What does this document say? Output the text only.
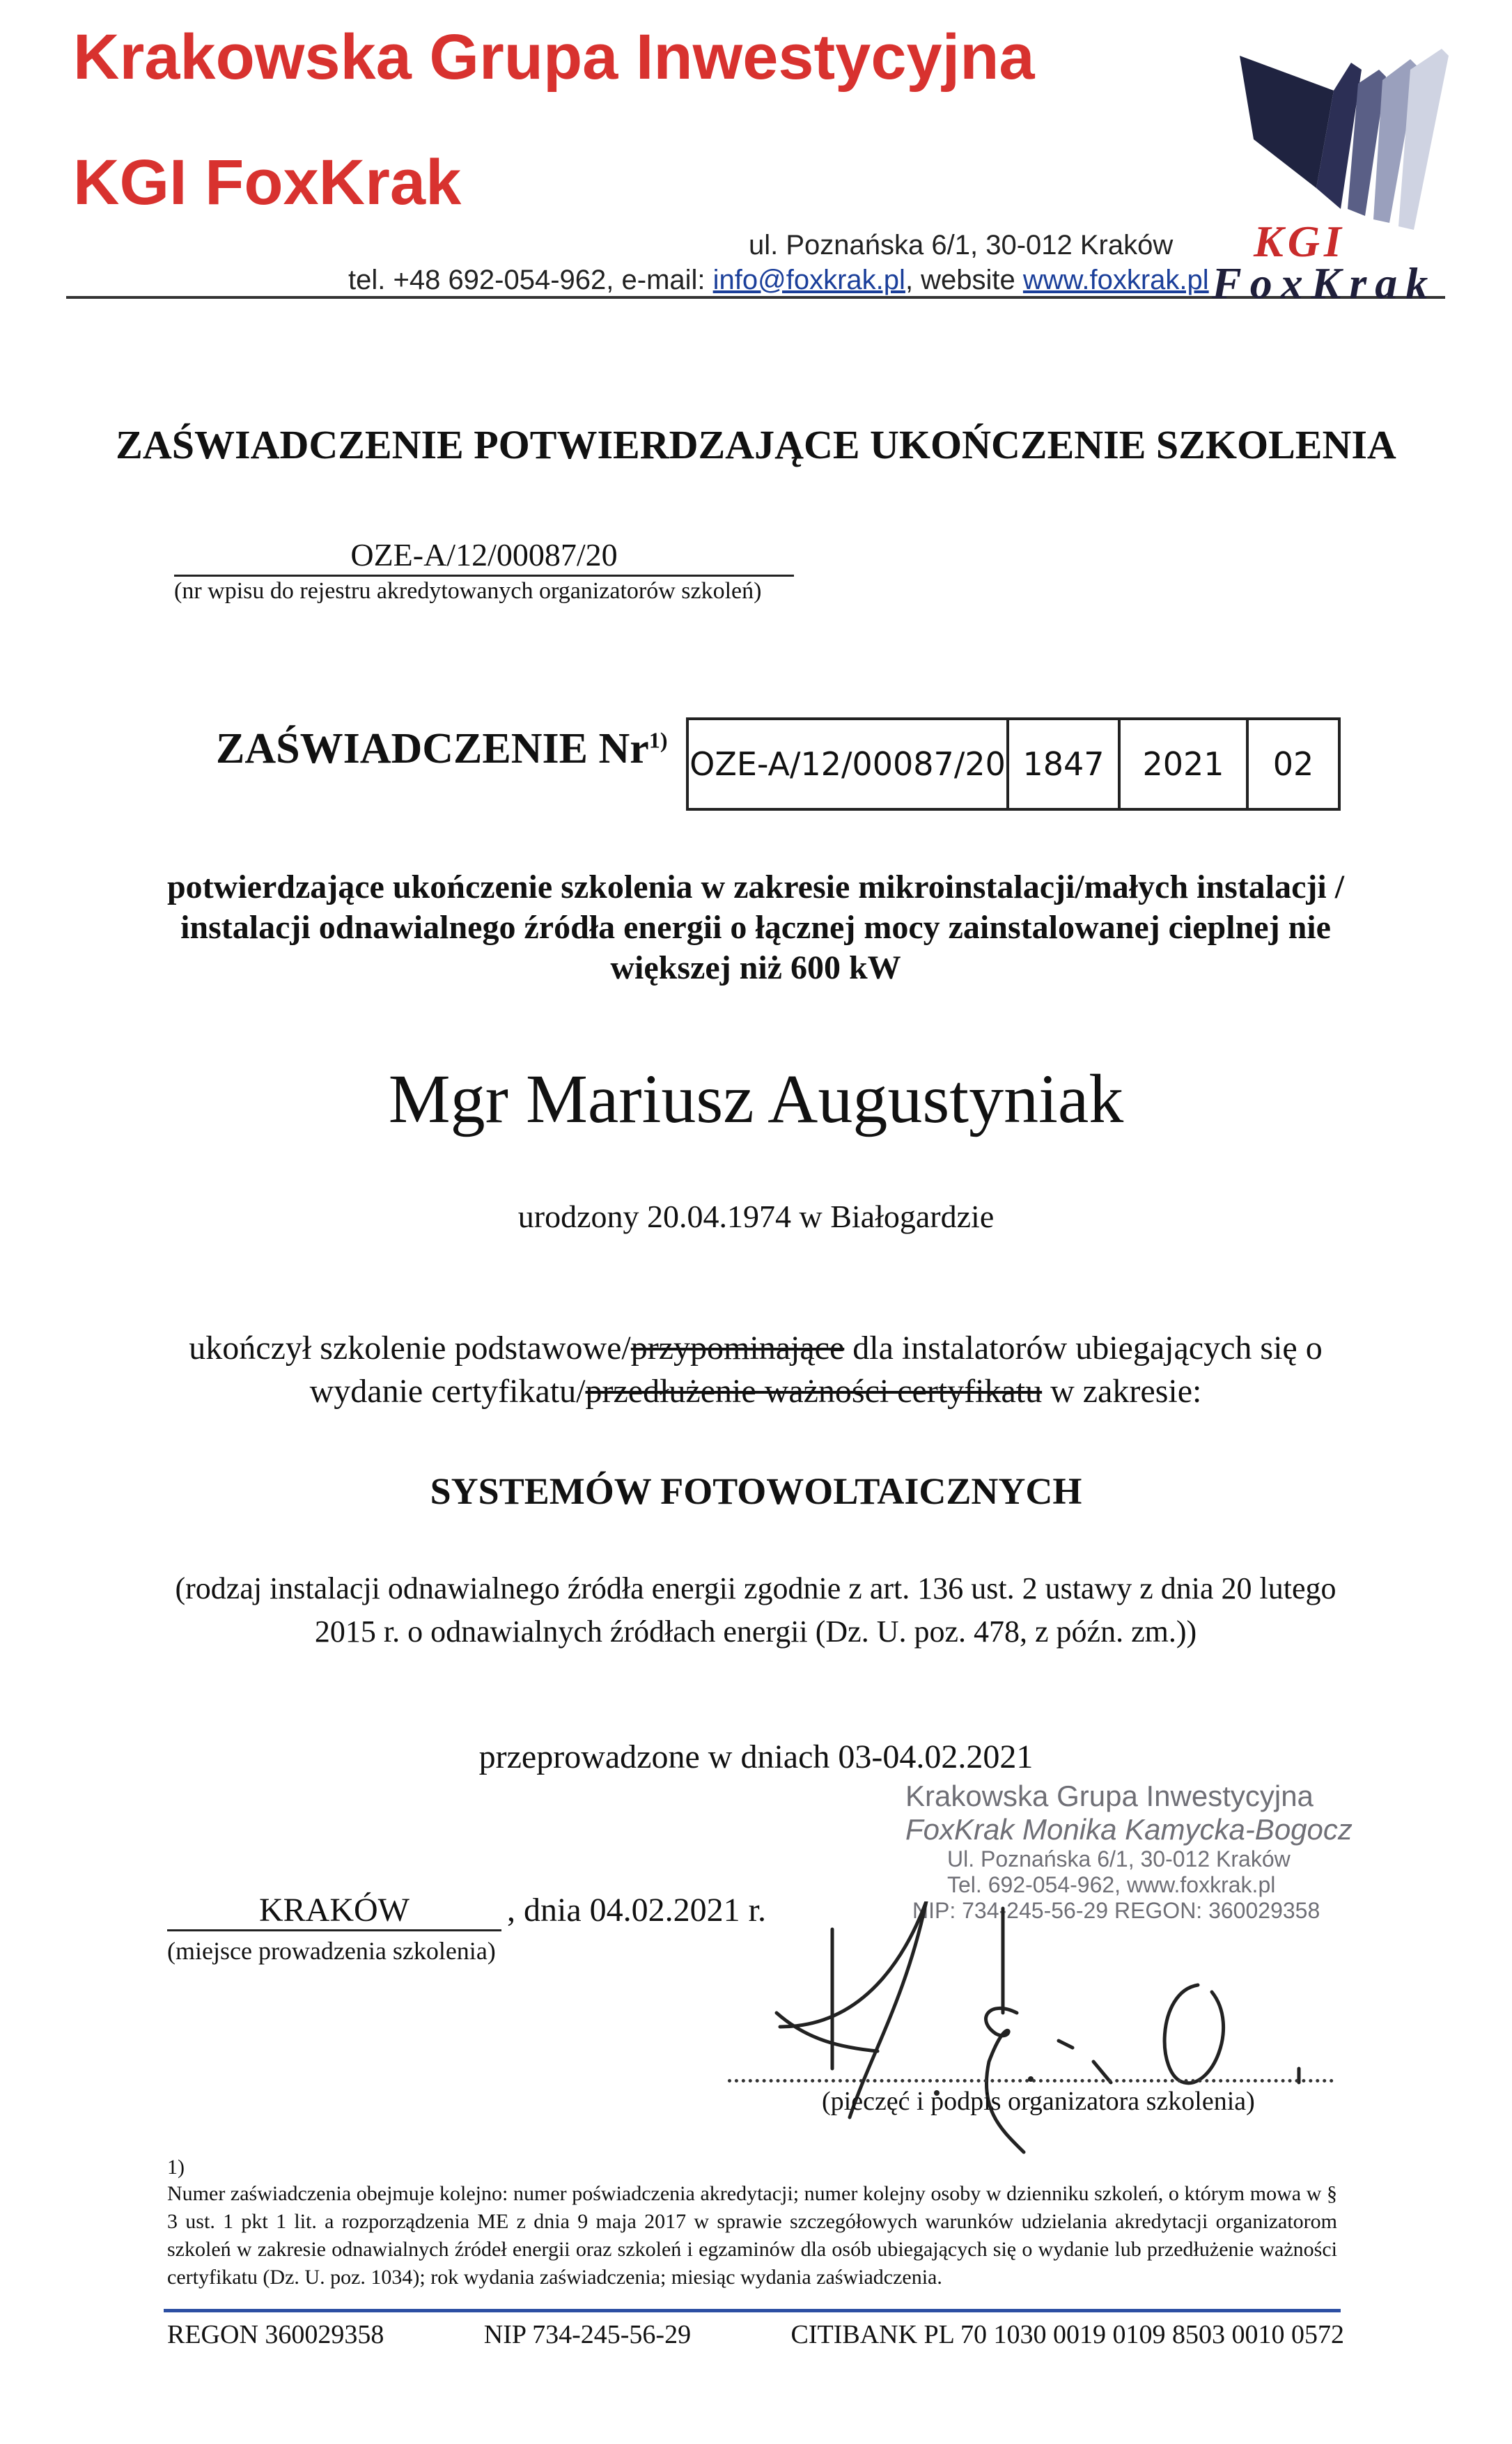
Krakowska Grupa Inwestycyjna
KGI FoxKrak
ul. Poznańska 6/1, 30-012 Kraków
tel. +48 692-054-962, e-mail: info@foxkrak.pl, website www.foxkrak.pl
KGI
FoxKrak
ZAŚWIADCZENIE POTWIERDZAJĄCE UKOŃCZENIE SZKOLENIA
OZE-A/12/00087/20
(nr wpisu do rejestru akredytowanych organizatorów szkoleń)
ZAŚWIADCZENIE Nr$^{1)}$
OZE-A/12/00087/20 1847	2021	02
potwierdzające ukończenie szkolenia w zakresie mikroinstalacji/małych instalacji / instalacji odnawialnego źródła energii o łącznej mocy zainstalowanej cieplnej nie większej niż 600 kW
Mgr Mariusz Augustyniak
urodzony 20.04.1974 w Białogardzie
ukończył szkolenie podstawowe/przypominające dla instalatorów ubiegających się o wydanie certyfikatu/przedłużenie ważności certyfikatu w zakresie:
SYSTEMÓW FOTOWOLTAICZNYCH
(rodzaj instalacji odnawialnego źródła energii zgodnie z art. 136 ust. 2 ustawy z dnia 20 lutego 2015 r. o odnawialnych źródłach energii (Dz. U. poz. 478, z późn. zm.))
przeprowadzone w dniach 03-04.02.2021
KRAKÓW	, dnia 04.02.2021 r.
(miejsce prowadzenia szkolenia)
Krakowska Grupa Inwestycyjna
FoxKrak Monika Kamycka-Bogocz
Ul. Poznańska 6/1, 30-012 Kraków
Tel. 692-054-962, www.foxkrak.pl
NIP: 734-245-56-29 REGON: 360029358
(pieczęć i podpis organizatora szkolenia)
1)
Numer zaświadczenia obejmuje kolejno: numer poświadczenia akredytacji; numer kolejny osoby w dzienniku szkoleń, o którym mowa w § 3 ust. 1 pkt 1 lit. a rozporządzenia ME z dnia 9 maja 2017 w sprawie szczegółowych warunków udzielania akredytacji organizatorom szkoleń w zakresie odnawialnych źródeł energii oraz szkoleń i egzaminów dla osób ubiegających się o wydanie lub przedłużenie ważności certyfikatu (Dz. U. poz. 1034); rok wydania zaświadczenia; miesiąc wydania zaświadczenia.
REGON 360029358	NIP 734-245-56-29	CITIBANK PL 70 1030 0019 0109 8503 0010 0572
